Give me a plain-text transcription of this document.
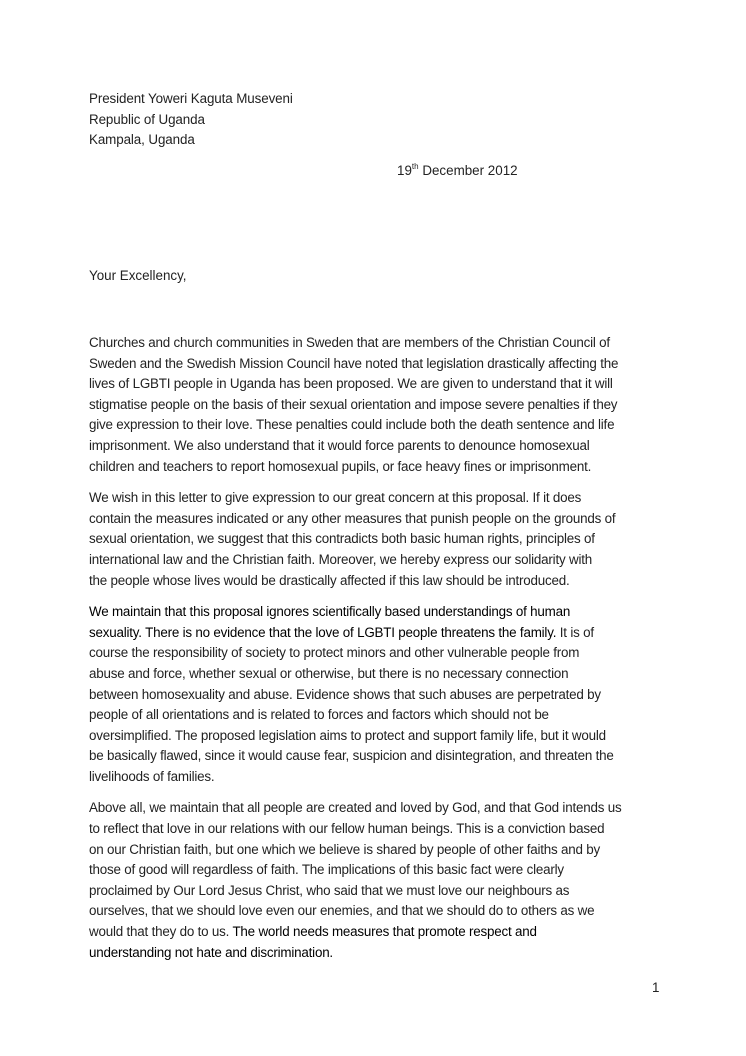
President Yoweri Kaguta Museveni
Republic of Uganda
Kampala, Uganda
19th December 2012
Your Excellency,

Churches and church communities in Sweden that are members of the Christian Council of
Sweden and the Swedish Mission Council have noted that legislation drastically affecting the
lives of LGBTI people in Uganda has been proposed. We are given to understand that it will
stigmatise people on the basis of their sexual orientation and impose severe penalties if they
give expression to their love. These penalties could include both the death sentence and life
imprisonment. We also understand that it would force parents to denounce homosexual
children and teachers to report homosexual pupils, or face heavy fines or imprisonment.

We wish in this letter to give expression to our great concern at this proposal. If it does
contain the measures indicated or any other measures that punish people on the grounds of
sexual orientation, we suggest that this contradicts both basic human rights, principles of
international law and the Christian faith. Moreover, we hereby express our solidarity with
the people whose lives would be drastically affected if this law should be introduced.

We maintain that this proposal ignores scientifically based understandings of human
sexuality. There is no evidence that the love of LGBTI people threatens the family. It is of
course the responsibility of society to protect minors and other vulnerable people from
abuse and force, whether sexual or otherwise, but there is no necessary connection
between homosexuality and abuse. Evidence shows that such abuses are perpetrated by
people of all orientations and is related to forces and factors which should not be
oversimplified. The proposed legislation aims to protect and support family life, but it would
be basically flawed, since it would cause fear, suspicion and disintegration, and threaten the
livelihoods of families.

Above all, we maintain that all people are created and loved by God, and that God intends us
to reflect that love in our relations with our fellow human beings. This is a conviction based
on our Christian faith, but one which we believe is shared by people of other faiths and by
those of good will regardless of faith. The implications of this basic fact were clearly
proclaimed by Our Lord Jesus Christ, who said that we must love our neighbours as
ourselves, that we should love even our enemies, and that we should do to others as we
would that they do to us. The world needs measures that promote respect and
understanding not hate and discrimination.

1
